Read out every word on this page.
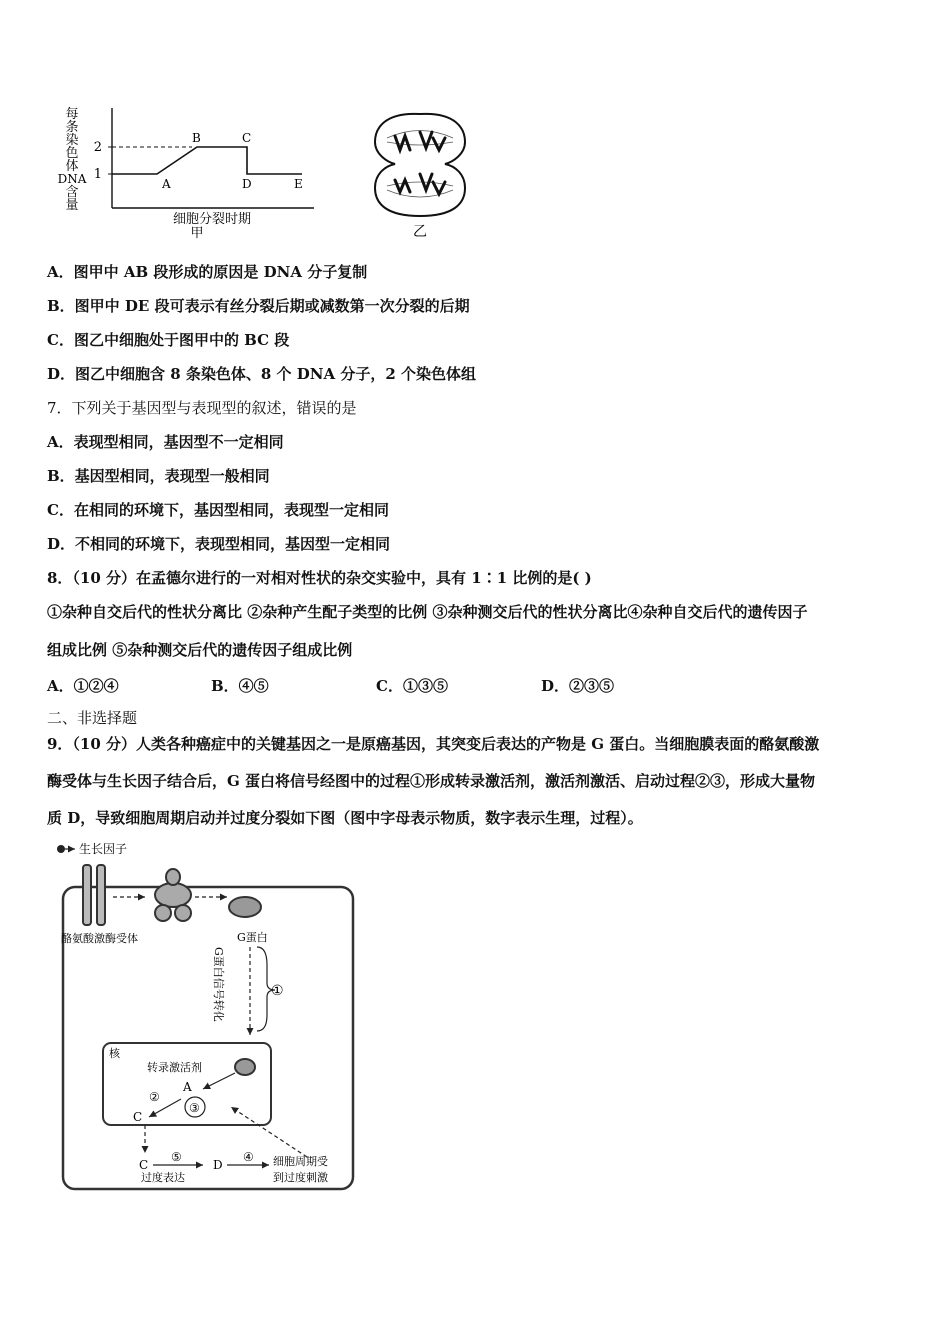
每
条
染
色
体
DNA
含
量
2
1
A
B	C
D	E
细胞分裂时期
甲	乙
A．图甲中 AB 段形成的原因是 DNA 分子复制
B．图甲中 DE 段可表示有丝分裂后期或减数第一次分裂的后期
C．图乙中细胞处于图甲中的 BC 段
D．图乙中细胞含 8 条染色体、8 个 DNA 分子，2 个染色体组
7．下列关于基因型与表现型的叙述，错误的是
A．表现型相同，基因型不一定相同
B．基因型相同，表现型一般相同
C．在相同的环境下，基因型相同，表现型一定相同
D．不相同的环境下，表现型相同，基因型一定相同
8．（10 分）在孟德尔进行的一对相对性状的杂交实验中，具有 1∶1 比例的是( )
①杂种自交后代的性状分离比 ②杂种产生配子类型的比例 ③杂种测交后代的性状分离比④杂种自交后代的遗传因子
组成比例 ⑤杂种测交后代的遗传因子组成比例
A．①②④	B．④⑤	C．①③⑤	D．②③⑤
二、非选择题
9．（10 分）人类各种癌症中的关键基因之一是原癌基因，其突变后表达的产物是 G 蛋白。当细胞膜表面的酪氨酸激
酶受体与生长因子结合后，G 蛋白将信号经图中的过程①形成转录激活剂，激活剂激活、启动过程②③，形成大量物
质 D，导致细胞周期启动并过度分裂如下图（图中字母表示物质，数字表示生理，过程）。
生长因子
酪氨酸激酶受体	G蛋白
G蛋白信号转化	①
核
转录激活剂
A
③
②
C
C
⑤
过度表达
D
④ 细胞周期受
到过度刺激
